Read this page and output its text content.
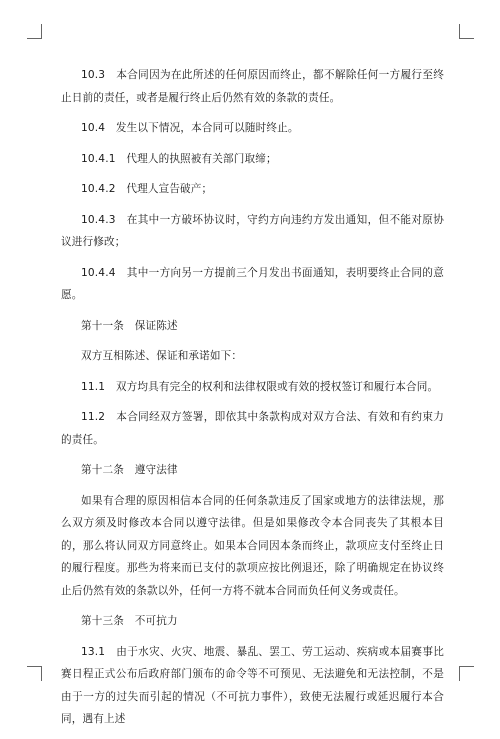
10.3　本合同因为在此所述的任何原因而终止，都不解除任何一方履行至终止日前的责任，或者是履行终止后仍然有效的条款的责任。

10.4　发生以下情况，本合同可以随时终止。

10.4.1　代理人的执照被有关部门取缔；

10.4.2　代理人宣告破产；

10.4.3　在其中一方破坏协议时，守约方向违约方发出通知，但不能对原协议进行修改；

10.4.4　其中一方向另一方提前三个月发出书面通知，表明要终止合同的意愿。

第十一条　保证陈述

双方互相陈述、保证和承诺如下：

11.1　双方均具有完全的权利和法律权限或有效的授权签订和履行本合同。

11.2　本合同经双方签署，即依其中条款构成对双方合法、有效和有约束力的责任。

第十二条　遵守法律

如果有合理的原因相信本合同的任何条款违反了国家或地方的法律法规，那么双方须及时修改本合同以遵守法律。但是如果修改令本合同丧失了其根本目的，那么将认同双方同意终止。如果本合同因本条而终止，款项应支付至终止日的履行程度。那些为将来而已支付的款项应按比例退还，除了明确规定在协议终止后仍然有效的条款以外，任何一方将不就本合同而负任何义务或责任。

第十三条　不可抗力

13.1　由于水灾、火灾、地震、暴乱、罢工、劳工运动、疾病或本届赛事比赛日程正式公布后政府部门颁布的命令等不可预见、无法避免和无法控制，不是由于一方的过失而引起的情况（不可抗力事件），致使无法履行或延迟履行本合同，遇有上述
